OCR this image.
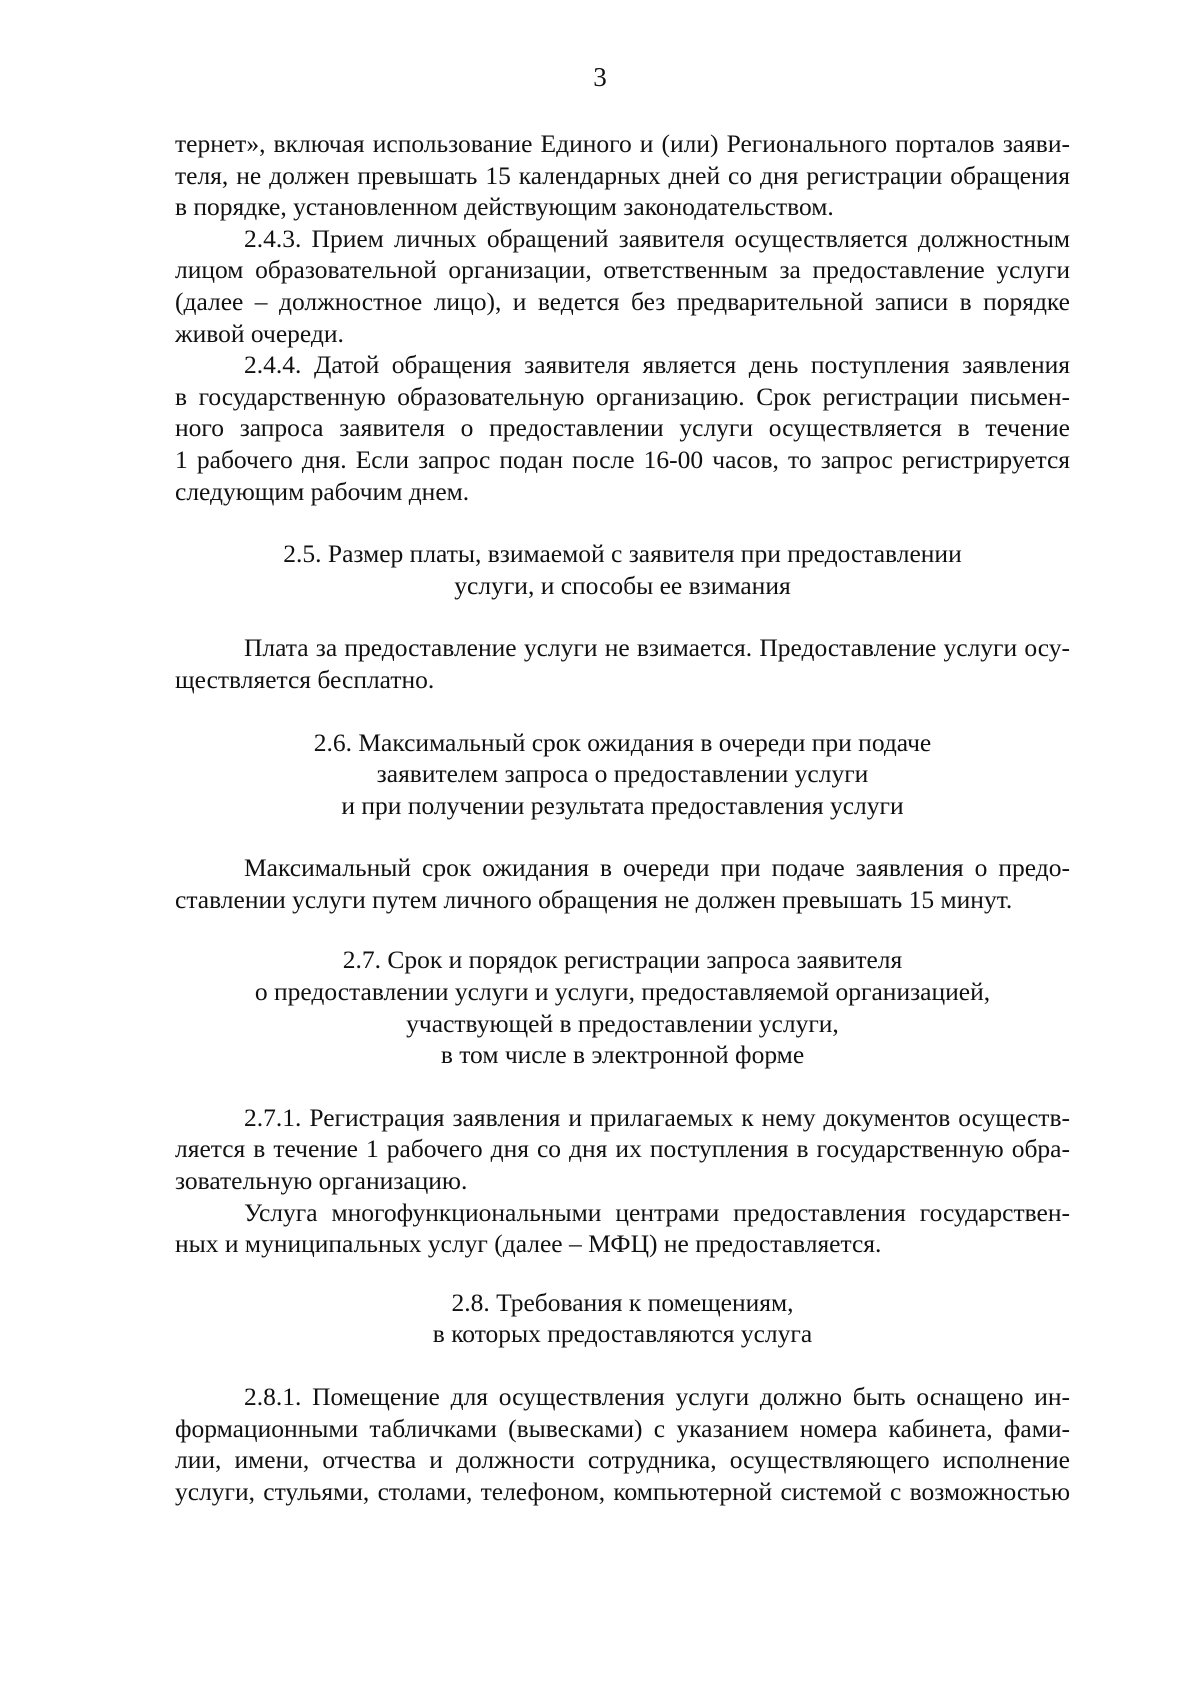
3
тернет», включая использование Единого и (или) Регионального порталов заяви-
теля, не должен превышать 15 календарных дней со дня регистрации обращения
в порядке, установленном действующим законодательством.
2.4.3. Прием личных обращений заявителя осуществляется должностным
лицом образовательной организации, ответственным за предоставление услуги
(далее – должностное лицо), и ведется без предварительной записи в порядке
живой очереди.
2.4.4. Датой обращения заявителя является день поступления заявления
в государственную образовательную организацию. Срок регистрации письмен-
ного запроса заявителя о предоставлении услуги осуществляется в течение
1 рабочего дня. Если запрос подан после 16-00 часов, то запрос регистрируется
следующим рабочим днем.
2.5. Размер платы, взимаемой с заявителя при предоставлении
услуги, и способы ее взимания
Плата за предоставление услуги не взимается. Предоставление услуги осу-
ществляется бесплатно.
2.6. Максимальный срок ожидания в очереди при подаче
заявителем запроса о предоставлении услуги
и при получении результата предоставления услуги
Максимальный срок ожидания в очереди при подаче заявления о предо-
ставлении услуги путем личного обращения не должен превышать 15 минут.
2.7. Срок и порядок регистрации запроса заявителя
о предоставлении услуги и услуги, предоставляемой организацией,
участвующей в предоставлении услуги,
в том числе в электронной форме
2.7.1. Регистрация заявления и прилагаемых к нему документов осуществ-
ляется в течение 1 рабочего дня со дня их поступления в государственную обра-
зовательную организацию.
Услуга многофункциональными центрами предоставления государствен-
ных и муниципальных услуг (далее – МФЦ) не предоставляется.
2.8. Требования к помещениям,
в которых предоставляются услуга
2.8.1. Помещение для осуществления услуги должно быть оснащено ин-
формационными табличками (вывесками) с указанием номера кабинета, фами-
лии, имени, отчества и должности сотрудника, осуществляющего исполнение
услуги, стульями, столами, телефоном, компьютерной системой с возможностью
